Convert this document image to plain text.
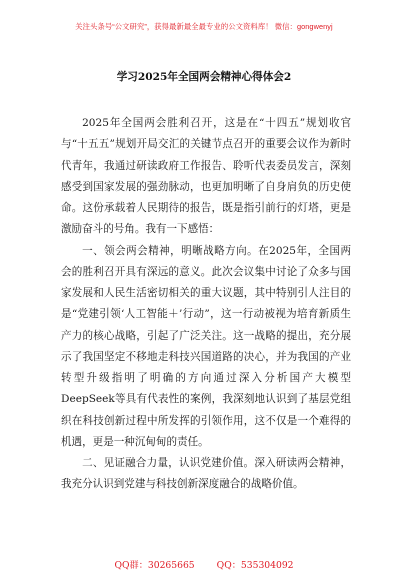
关注头条号“公文研究”，获得最新最全最专业的公文资料库！ 微信：gongwenyj
学习2025年全国两会精神心得体会2

2025年全国两会胜利召开，这是在“十四五”规划收官与“十五五”规划开局交汇的关键节点召开的重要会议作为新时代青年，我通过研读政府工作报告、聆听代表委员发言，深刻感受到国家发展的强劲脉动，也更加明晰了自身肩负的历史使命。这份承载着人民期待的报告，既是指引前行的灯塔，更是激励奋斗的号角。我有一下感悟：

一、领会两会精神，明晰战略方向。在2025年，全国两会的胜利召开具有深远的意义。此次会议集中讨论了众多与国家发展和人民生活密切相关的重大议题，其中特别引人注目的是“党建引领‘人工智能＋’行动”，这一行动被视为培育新质生产力的核心战略，引起了广泛关注。这一战略的提出，充分展示了我国坚定不移地走科技兴国道路的决心，并为我国的产业转型升级指明了明确的方向通过深入分析国产大模型DeepSeek等具有代表性的案例，我深刻地认识到了基层党组织在科技创新过程中所发挥的引领作用，这不仅是一个难得的机遇，更是一种沉甸甸的责任。

二、见证融合力量，认识党建价值。深入研读两会精神，我充分认识到党建与科技创新深度融合的战略价值。

QQ群：30265665 QQ：535304092
